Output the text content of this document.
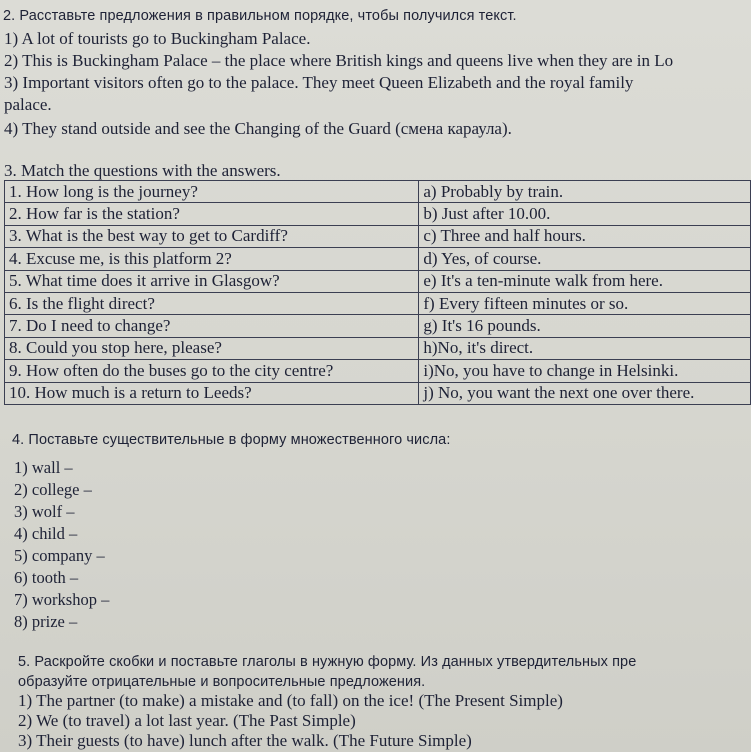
2. Расставьте предложения в правильном порядке, чтобы получился текст.
1) A lot of tourists go to Buckingham Palace.
2) This is Buckingham Palace – the place where British kings and queens live when they are in Lo
3) Important visitors often go to the palace. They meet Queen Elizabeth and the royal family
palace.
4) They stand outside and see the Changing of the Guard (смена караула).
3. Match the questions with the answers.
1. How long is the journey?	a) Probably by train.
2. How far is the station?	b) Just after 10.00.
3. What is the best way to get to Cardiff?	c) Three and half hours.
4. Excuse me, is this platform 2?	d) Yes, of course.
5. What time does it arrive in Glasgow?	e) It's a ten-minute walk from here.
6. Is the flight direct?	f) Every fifteen minutes or so.
7. Do I need to change?	g) It's 16 pounds.
8. Could you stop here, please?	h)No, it's direct.
9. How often do the buses go to the city centre?	i)No, you have to change in Helsinki.
10. How much is a return to Leeds?	j) No, you want the next one over there.
4. Поставьте существительные в форму множественного числа:
1) wall –
2) college –
3) wolf –
4) child –
5) company –
6) tooth –
7) workshop –
8) prize –
5. Раскройте скобки и поставьте глаголы в нужную форму. Из данных утвердительных пре
образуйте отрицательные и вопросительные предложения.
1) The partner (to make) a mistake and (to fall) on the ice! (The Present Simple)
2) We (to travel) a lot last year. (The Past Simple)
3) Their guests (to have) lunch after the walk. (The Future Simple)
